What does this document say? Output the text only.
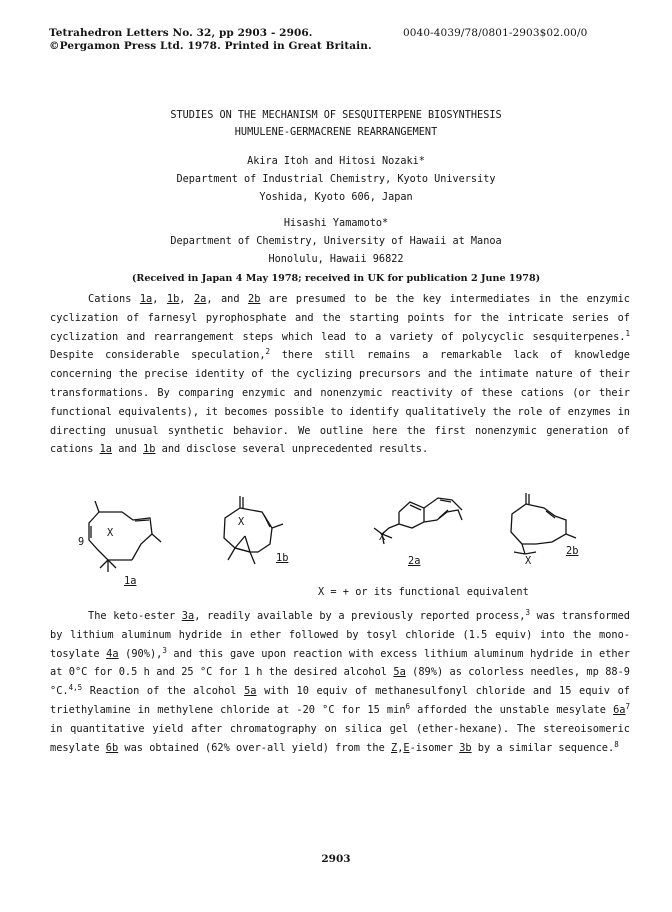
Tetrahedron Letters No. 32, pp 2903 - 2906.
©Pergamon Press Ltd. 1978. Printed in Great Britain.
0040-4039/78/0801-2903$02.00/0
STUDIES ON THE MECHANISM OF SESQUITERPENE BIOSYNTHESIS
HUMULENE-GERMACRENE REARRANGEMENT
Akira Itoh and Hitosi Nozaki*
Department of Industrial Chemistry, Kyoto University
Yoshida, Kyoto 606, Japan
Hisashi Yamamoto*
Department of Chemistry, University of Hawaii at Manoa
Honolulu, Hawaii 96822
(Received in Japan 4 May 1978; received in UK for publication 2 June 1978)

Cations 1a, 1b, 2a, and 2b are presumed to be the key intermediates in the enzymic cyclization of farnesyl pyrophosphate and the starting points for the intricate series of cyclization and rearrangement steps which lead to a variety of polycyclic sesquiterpenes.$^1$ Despite considerable speculation,$^2$ there still remains a remarkable lack of knowledge concerning the precise identity of the cyclizing precursors and the intimate nature of their transformations. By comparing enzymic and nonenzymic reactivity of these cations (or their functional equivalents), it becomes possible to identify qualitatively the role of enzymes in directing unusual synthetic behavior. We outline here the first nonenzymic generation of cations 1a and 1b and disclose several unprecedented results.

X
9
1a
X
1b
X
2a	X
2b
X = + or its functional equivalent

The keto-ester 3a, readily available by a previously reported process,$^3$ was transformed by lithium aluminum hydride in ether followed by tosyl chloride (1.5 equiv) into the mono-tosylate 4a (90%),$^3$ and this gave upon reaction with excess lithium aluminum hydride in ether at 0°C for 0.5 h and 25 °C for 1 h the desired alcohol 5a (89%) as colorless needles, mp 88-9 °C.$^{4,5}$ Reaction of the alcohol 5a with 10 equiv of methanesulfonyl chloride and 15 equiv of triethylamine in methylene chloride at -20 °C for 15 $\min^6$ afforded the unstable mesylate $6a^7$ in quantitative yield after chromatography on silica gel (ether-hexane). The stereoisomeric mesylate 6b was obtained (62% over-all yield) from the Z,E-isomer 3b by a similar sequence.$^8$

2903
